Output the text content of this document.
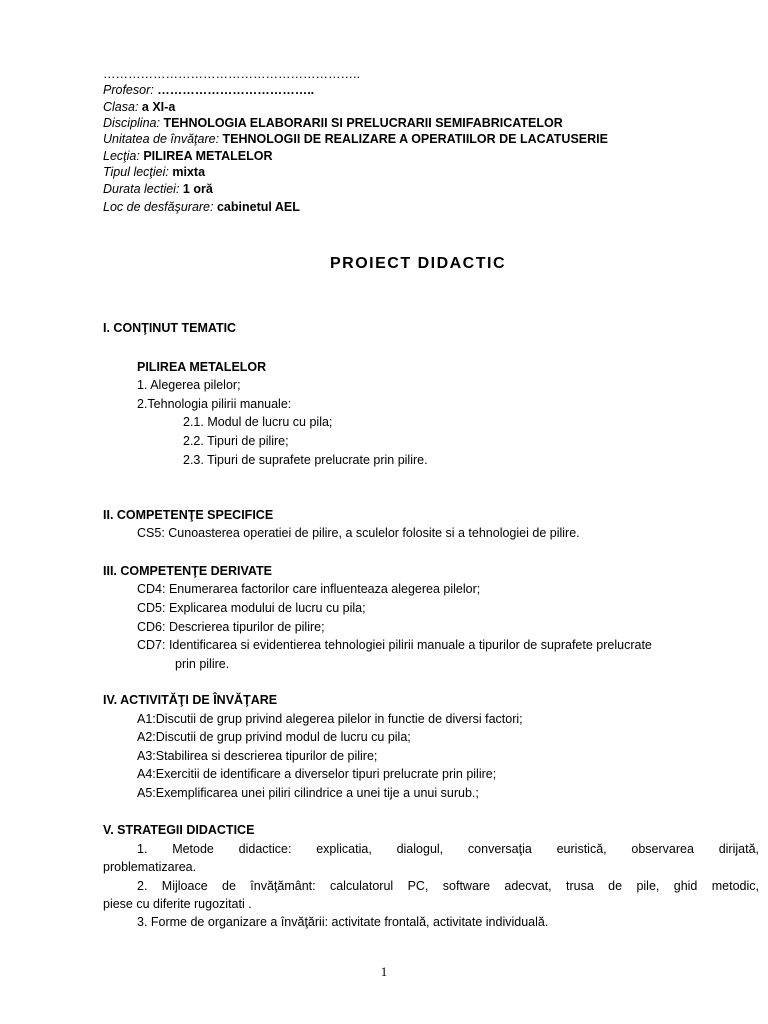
……………………………………………………..
Profesor: ………………………………..
Clasa: a XI-a
Disciplina: TEHNOLOGIA ELABORARII SI PRELUCRARII SEMIFABRICATELOR
Unitatea de învăţare: TEHNOLOGII DE REALIZARE A OPERATIILOR DE LACATUSERIE
Lecţia: PILIREA METALELOR
Tipul lecţiei: mixta
Durata lectiei: 1 oră
Loc de desfăşurare: cabinetul AEL
PROIECT DIDACTIC
I. CONŢINUT TEMATIC
PILIREA METALELOR
1. Alegerea pilelor;
2.Tehnologia pilirii manuale:
2.1. Modul de lucru cu pila;
2.2. Tipuri de pilire;
2.3. Tipuri de suprafete prelucrate prin pilire.
II. COMPETENŢE SPECIFICE
CS5: Cunoasterea operatiei de pilire, a sculelor folosite si a tehnologiei de pilire.
III. COMPETENŢE DERIVATE
CD4: Enumerarea factorilor care influenteaza alegerea pilelor;
CD5: Explicarea modului de lucru cu pila;
CD6: Descrierea tipurilor de pilire;
CD7: Identificarea si evidentierea tehnologiei pilirii manuale a tipurilor de suprafete prelucrate
prin pilire.
IV. ACTIVITĂŢI DE ÎNVĂŢARE
A1:Discutii de grup privind alegerea pilelor in functie de diversi factori;
A2:Discutii de grup privind modul de lucru cu pila;
A3:Stabilirea si descrierea tipurilor de pilire;
A4:Exercitii de identificare a diverselor tipuri prelucrate prin pilire;
A5:Exemplificarea unei piliri cilindrice a unei tije a unui surub.;
V. STRATEGII DIDACTICE
1. Metode didactice: explicatia, dialogul, conversaţia euristică, observarea dirijată,
problematizarea.
2. Mijloace de învăţământ: calculatorul PC, software adecvat, trusa de pile, ghid metodic,
piese cu diferite rugozitati .
3. Forme de organizare a învăţării: activitate frontală, activitate individuală.
1
